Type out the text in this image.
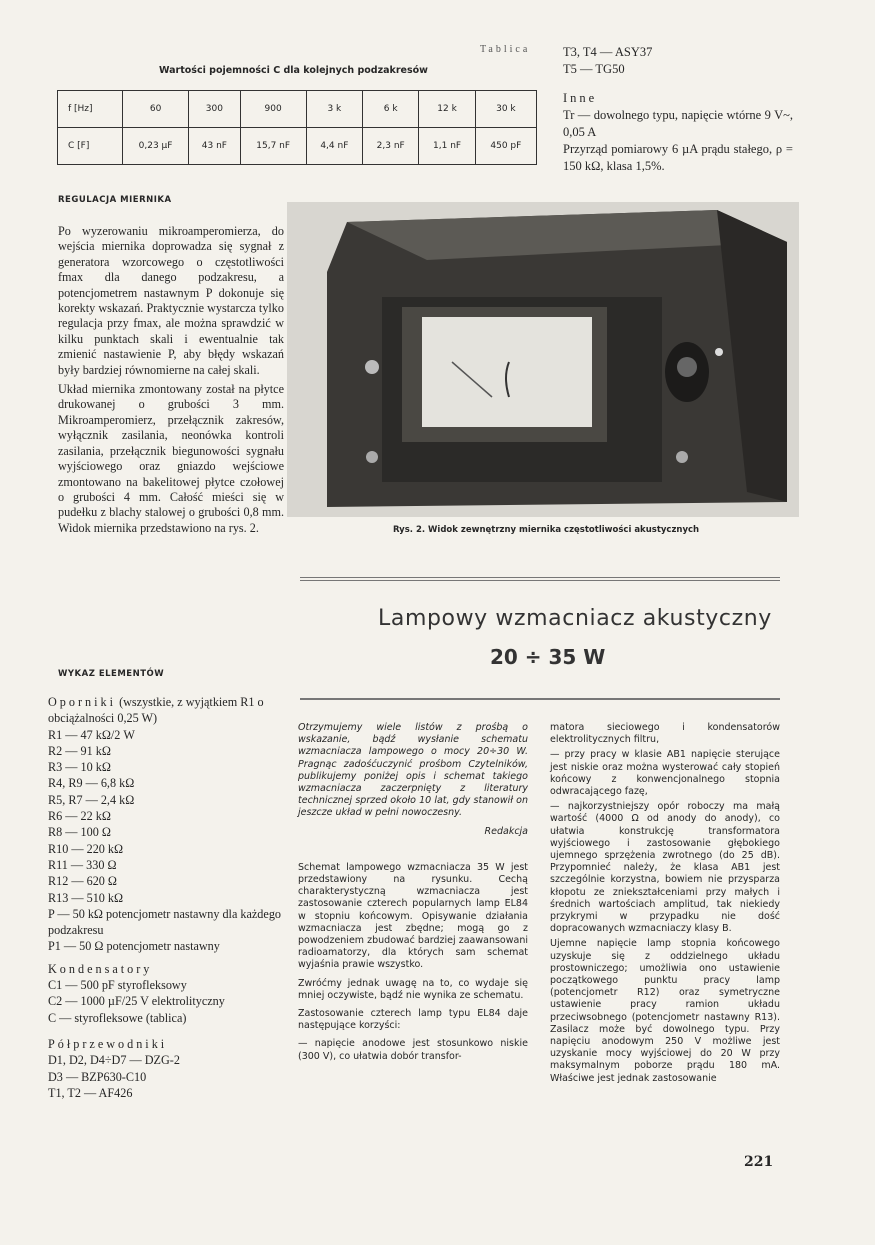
Tablica
Wartości pojemności C dla kolejnych podzakresów
f [Hz]	60	300	900	3 k	6 k	12 k	30 k
C [F]	0,23 µF	43 nF	15,7 nF	4,4 nF	2,3 nF	1,1 nF	450 pF

T3, T4 — ASY37

T5 — TG50

Inne

Tr — dowolnego typu, napięcie wtórne 9 V~, 0,05 A

Przyrząd pomiarowy 6 µA prądu stałego, ρ = 150 kΩ, klasa 1,5%.

REGULACJA MIERNIKA

Po wyzerowaniu mikroamperomierza, do wejścia miernika doprowadza się sygnał z generatora wzorcowego o częstotliwości fmax dla danego podzakresu, a potencjometrem nastawnym P dokonuje się korekty wskazań. Praktycznie wystarcza tylko regulacja przy fmax, ale można sprawdzić w kilku punktach skali i ewentualnie tak zmienić nastawienie P, aby błędy wskazań były bardziej równomierne na całej skali.

Układ miernika zmontowany został na płytce drukowanej o grubości 3 mm. Mikroamperomierz, przełącznik zakresów, wyłącznik zasilania, neonówka kontroli zasilania, przełącznik biegunowości sygnału wyjściowego oraz gniazdo wejściowe zmontowano na bakelitowej płytce czołowej o grubości 4 mm. Całość mieści się w pudełku z blachy stalowej o grubości 0,8 mm. Widok miernika przedstawiono na rys. 2.	Rys. 2. Widok zewnętrzny miernika częstotliwości akustycznych
Lampowy wzmacniacz akustyczny
20 ÷ 35 W
WYKAZ ELEMENTÓW
Oporniki (wszystkie, z wyjątkiem R1 o obciążalności 0,25 W)
R1 — 47 kΩ/2 W
R2 — 91 kΩ
R3 — 10 kΩ
R4, R9 — 6,8 kΩ
R5, R7 — 2,4 kΩ
R6 — 22 kΩ
R8 — 100 Ω
R10 — 220 kΩ
R11 — 330 Ω
R12 — 620 Ω
R13 — 510 kΩ
P — 50 kΩ potencjometr nastawny dla każdego podzakresu
P1 — 50 Ω potencjometr nastawny
Kondensatory
C1 — 500 pF styrofleksowy
C2 — 1000 µF/25 V elektrolityczny
C — styrofleksowe (tablica)
Półprzewodniki
D1, D2, D4÷D7 — DZG-2
D3 — BZP630-C10
T1, T2 — AF426

Otrzymujemy wiele listów z prośbą o wskazanie, bądź wysłanie schematu wzmacniacza lampowego o mocy 20÷30 W. Pragnąc zadośćuczynić prośbom Czytelników, publikujemy poniżej opis i schemat takiego wzmacniacza zaczerpnięty z literatury technicznej sprzed około 10 lat, gdy stanowił on jeszcze układ w pełni nowoczesny.

Redakcja

Schemat lampowego wzmacniacza 35 W jest przedstawiony na rysunku. Cechą charakterystyczną wzmacniacza jest zastosowanie czterech popularnych lamp EL84 w stopniu końcowym. Opisywanie działania wzmacniacza jest zbędne; mogą go z powodzeniem zbudować bardziej zaawansowani radioamatorzy, dla których sam schemat wyjaśnia prawie wszystko.

Zwróćmy jednak uwagę na to, co wydaje się mniej oczywiste, bądź nie wynika ze schematu.

Zastosowanie czterech lamp typu EL84 daje następujące korzyści:

— napięcie anodowe jest stosunkowo niskie (300 V), co ułatwia dobór transfor-

matora sieciowego i kondensatorów elektrolitycznych filtru,

— przy pracy w klasie AB1 napięcie sterujące jest niskie oraz można wysterować cały stopień końcowy z konwencjonalnego stopnia odwracającego fazę,

— najkorzystniejszy opór roboczy ma małą wartość (4000 Ω od anody do anody), co ułatwia konstrukcję transformatora wyjściowego i zastosowanie głębokiego ujemnego sprzężenia zwrotnego (do 25 dB). Przypomnieć należy, że klasa AB1 jest szczególnie korzystna, bowiem nie przysparza kłopotu ze zniekształceniami przy małych i średnich wartościach amplitud, tak niekiedy przykrymi w przypadku nie dość dopracowanych wzmacniaczy klasy B.

Ujemne napięcie lamp stopnia końcowego uzyskuje się z oddzielnego układu prostowniczego; umożliwia ono ustawienie początkowego punktu pracy lamp (potencjometr R12) oraz symetryczne ustawienie pracy ramion układu przeciwsobnego (potencjometr nastawny R13). Zasilacz może być dowolnego typu. Przy napięciu anodowym 250 V możliwe jest uzyskanie mocy wyjściowej do 20 W przy maksymalnym poborze prądu 180 mA. Właściwe jest jednak zastosowanie

221
